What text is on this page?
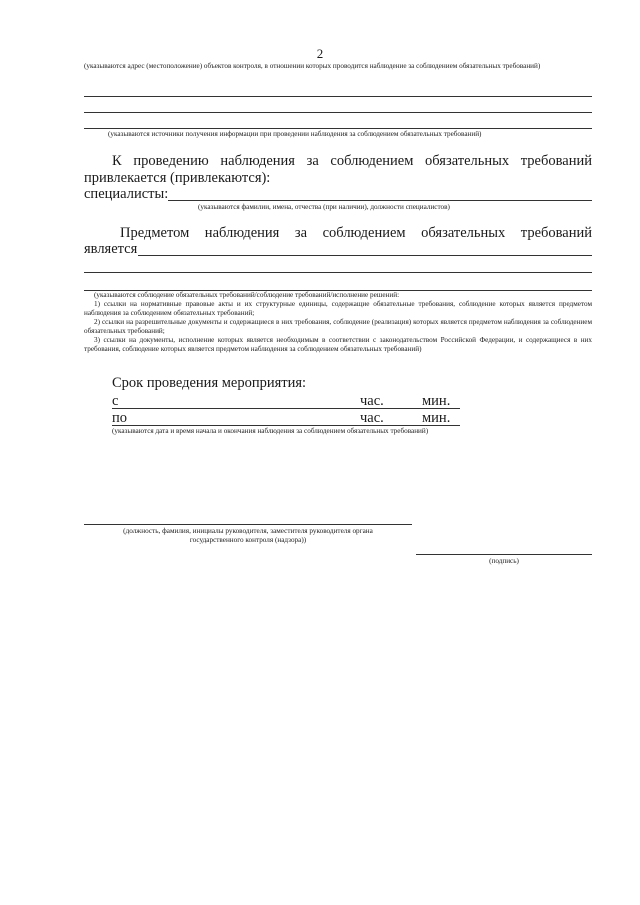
2
(указываются адрес (местоположение) объектов контроля, в отношении которых проводится наблюдение за соблюдением обязательных требований)
(указываются источники получения информации при проведении наблюдения за соблюдением обязательных требований)
К проведению наблюдения за соблюдением обязательных требований
привлекается (привлекаются):
специалисты:
(указываются фамилии, имена, отчества (при наличии), должности специалистов)
Предметом наблюдения за соблюдением обязательных требований
является

(указываются соблюдение обязательных требований/соблюдение требований/исполнение решений:

1) ссылки на нормативные правовые акты и их структурные единицы, содержащие обязательные требования, соблюдение которых является предметом наблюдения за соблюдением обязательных требований;

2) ссылки на разрешительные документы и содержащиеся в них требования, соблюдение (реализация) которых является предметом наблюдения за соблюдением обязательных требований;

3) ссылки на документы, исполнение которых является необходимым в соответствии с законодательством Российской Федерации, и содержащиеся в них требования, соблюдение которых является предметом наблюдения за соблюдением обязательных требований)

Срок проведения мероприятия:
с	час.	мин.
по	час.	мин.
(указываются дата и время начала и окончания наблюдения за соблюдением обязательных требований)
(должность, фамилия, инициалы руководителя, заместителя руководителя органа
государственного контроля (надзора))
(подпись)
